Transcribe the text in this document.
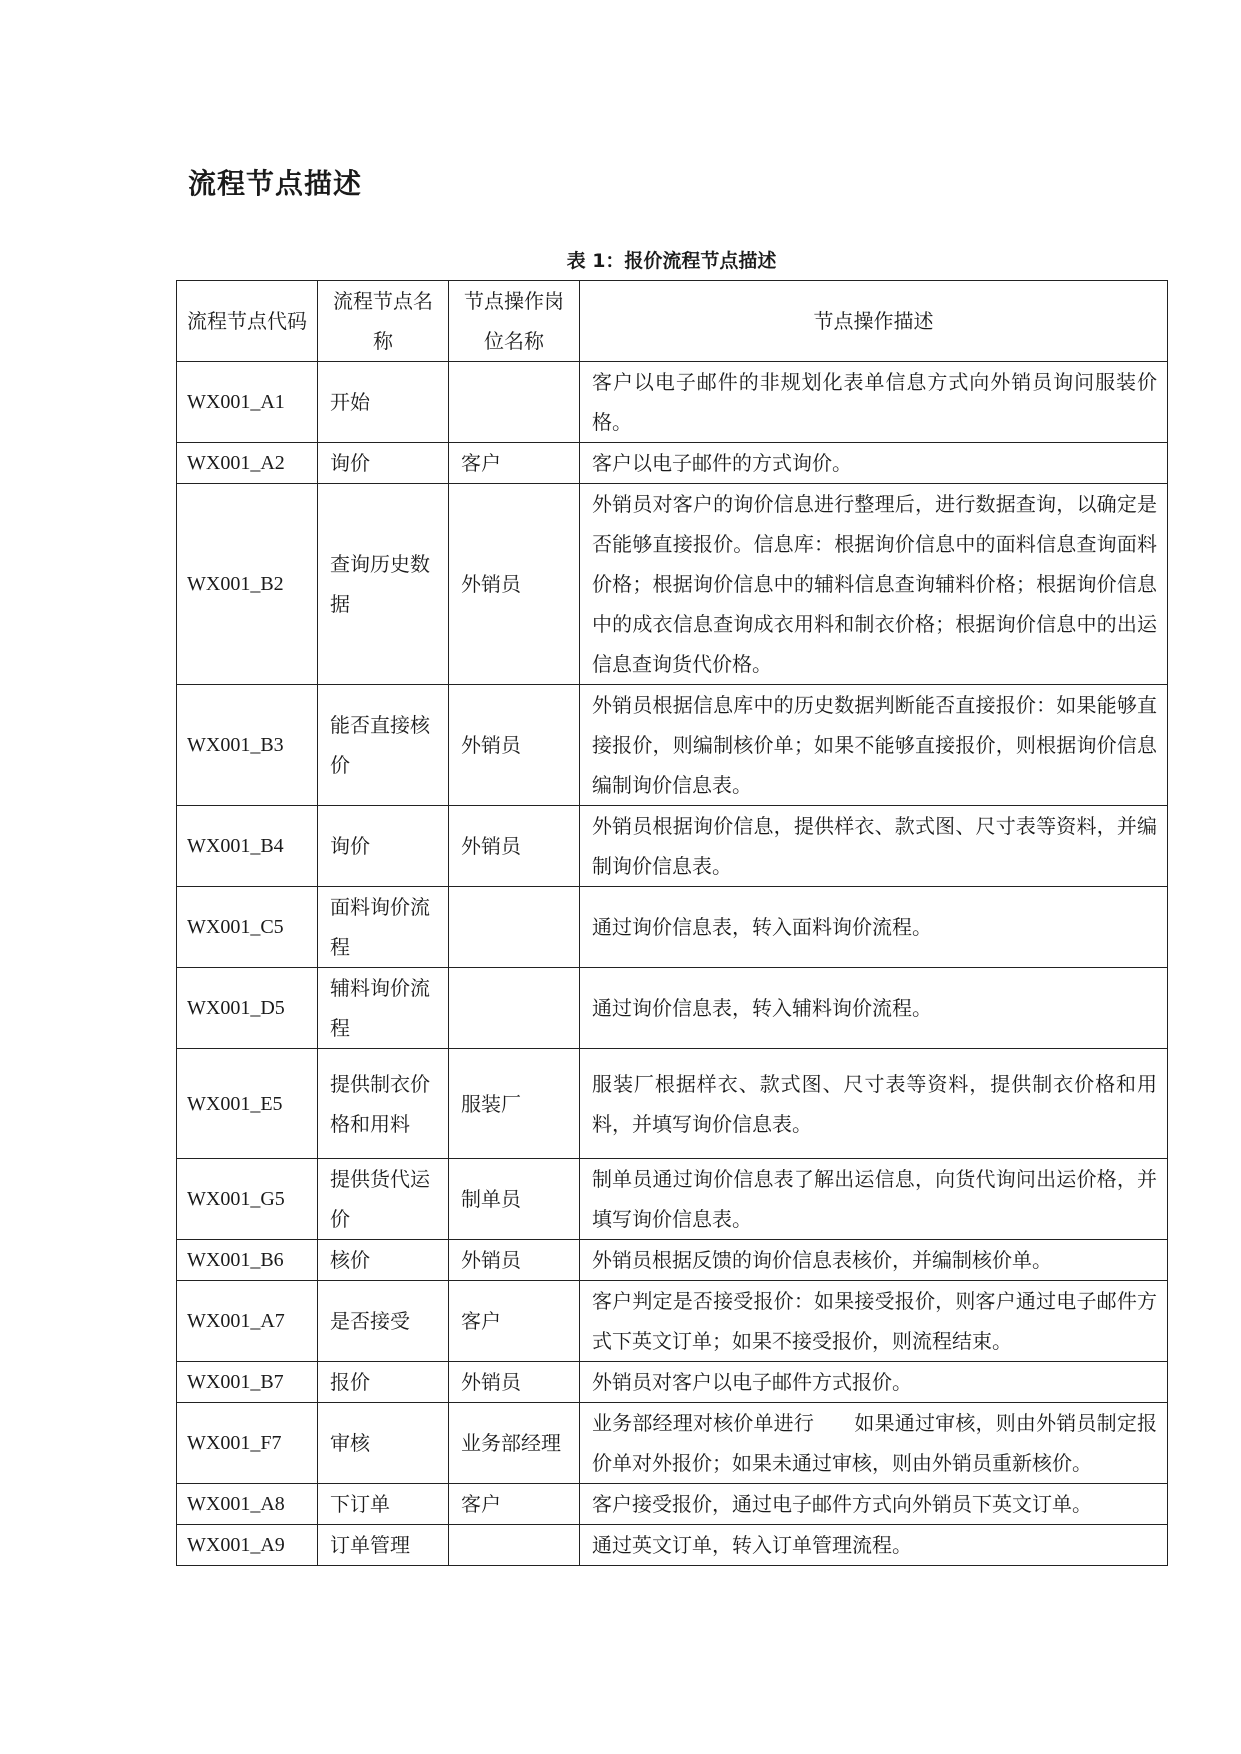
流程节点描述
表 1：报价流程节点描述
流程节点代码	流程节点名称	节点操作岗位名称	节点操作描述
WX001_A1	开始		客户以电子邮件的非规划化表单信息方式向外销员询问服装价格。
WX001_A2	询价	客户	客户以电子邮件的方式询价。
WX001_B2	查询历史数据	外销员	外销员对客户的询价信息进行整理后，进行数据查询，以确定是否能够直接报价。信息库：根据询价信息中的面料信息查询面料价格；根据询价信息中的辅料信息查询辅料价格；根据询价信息中的成衣信息查询成衣用料和制衣价格；根据询价信息中的出运信息查询货代价格。
WX001_B3	能否直接核价	外销员	外销员根据信息库中的历史数据判断能否直接报价：如果能够直接报价，则编制核价单；如果不能够直接报价，则根据询价信息编制询价信息表。
WX001_B4	询价	外销员	外销员根据询价信息，提供样衣、款式图、尺寸表等资料，并编制询价信息表。
WX001_C5	面料询价流程		通过询价信息表，转入面料询价流程。
WX001_D5	辅料询价流程		通过询价信息表，转入辅料询价流程。
WX001_E5	提供制衣价格和用料	服装厂	服装厂根据样衣、款式图、尺寸表等资料，提供制衣价格和用料，并填写询价信息表。
WX001_G5	提供货代运价	制单员	制单员通过询价信息表了解出运信息，向货代询问出运价格，并填写询价信息表。
WX001_B6	核价	外销员	外销员根据反馈的询价信息表核价，并编制核价单。
WX001_A7	是否接受	客户	客户判定是否接受报价：如果接受报价，则客户通过电子邮件方式下英文订单；如果不接受报价，则流程结束。
WX001_B7	报价	外销员	外销员对客户以电子邮件方式报价。
WX001_F7	审核	业务部经理	业务部经理对核价单进行　　如果通过审核，则由外销员制定报价单对外报价；如果未通过审核，则由外销员重新核价。
WX001_A8	下订单	客户	客户接受报价，通过电子邮件方式向外销员下英文订单。
WX001_A9	订单管理		通过英文订单，转入订单管理流程。
